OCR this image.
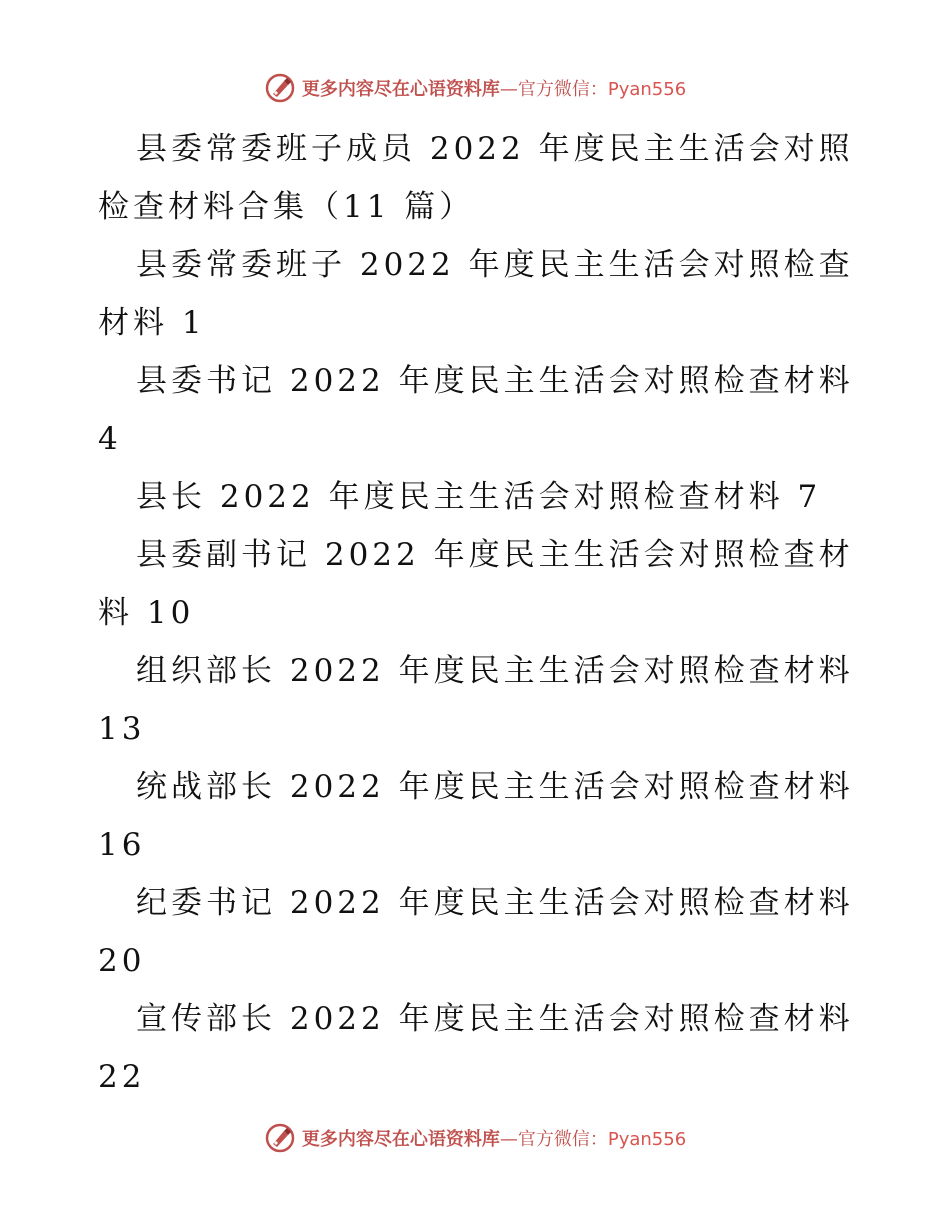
更多内容尽在心语资料库—官方微信：Pyan556

县委常委班子成员 2022 年度民主生活会对照检查材料合集（11 篇）

县委常委班子 2022 年度民主生活会对照检查材料 1

县委书记 2022 年度民主生活会对照检查材料 4

县长 2022 年度民主生活会对照检查材料 7

县委副书记 2022 年度民主生活会对照检查材料 10

组织部长 2022 年度民主生活会对照检查材料 13

统战部长 2022 年度民主生活会对照检查材料 16

纪委书记 2022 年度民主生活会对照检查材料 20

宣传部长 2022 年度民主生活会对照检查材料 22

更多内容尽在心语资料库—官方微信：Pyan556
